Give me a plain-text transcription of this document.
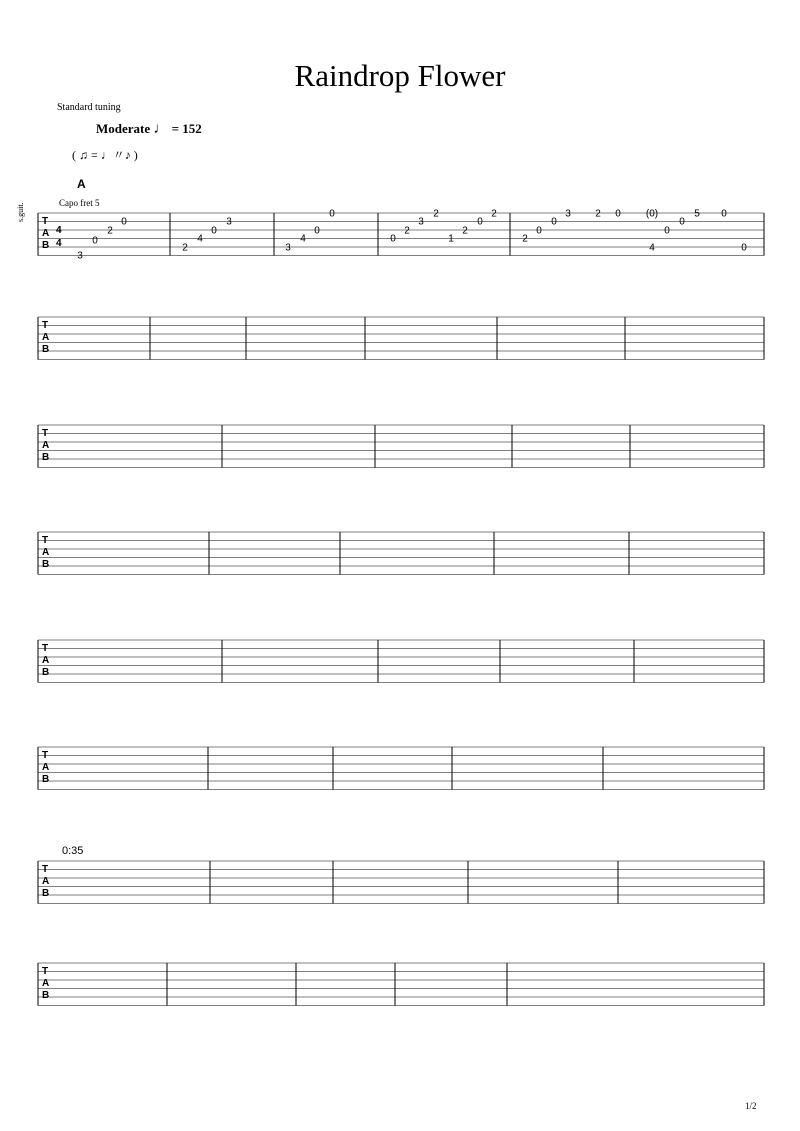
Raindrop Flower
Standard tuning
Moderate ♩ = 152
( ♫ = ♩〃♪ )
A
Capo fret 5
s.guit.
0:35
1/2
T
A
B
T
A
B
T
A
B
T
A
B
T
A
B
T
A
B
T
A
B
T
A
B
4
4
3
0
2
0
2
4
0
3
3
4
0
0
0
2
3
2
1
2
0
2
2
0
0
3 2 0	(0)
0
0
5
4
0
0
